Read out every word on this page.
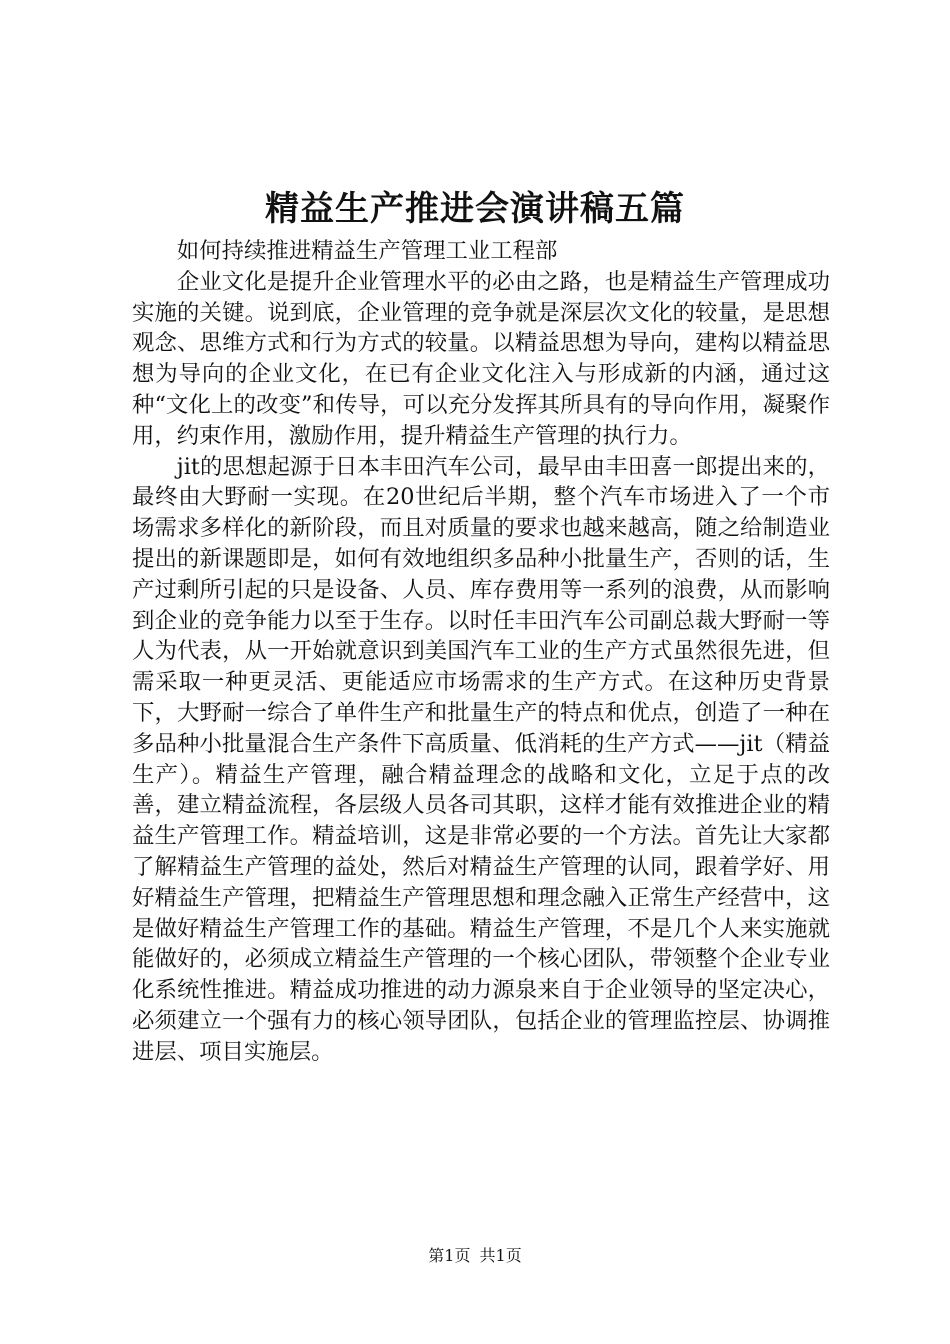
精益生产推进会演讲稿五篇

如何持续推进精益生产管理工业工程部

企业文化是提升企业管理水平的必由之路，也是精益生产管理成功实施的关键。说到底，企业管理的竞争就是深层次文化的较量，是思想观念、思维方式和行为方式的较量。以精益思想为导向，建构以精益思想为导向的企业文化，在已有企业文化注入与形成新的内涵，通过这种“文化上的改变”和传导，可以充分发挥其所具有的导向作用，凝聚作用，约束作用，激励作用，提升精益生产管理的执行力。

jit的思想起源于日本丰田汽车公司，最早由丰田喜一郎提出来的，最终由大野耐一实现。在20世纪后半期，整个汽车市场进入了一个市场需求多样化的新阶段，而且对质量的要求也越来越高，随之给制造业提出的新课题即是，如何有效地组织多品种小批量生产，否则的话，生产过剩所引起的只是设备、人员、库存费用等一系列的浪费，从而影响到企业的竞争能力以至于生存。以时任丰田汽车公司副总裁大野耐一等人为代表，从一开始就意识到美国汽车工业的生产方式虽然很先进，但需采取一种更灵活、更能适应市场需求的生产方式。在这种历史背景下，大野耐一综合了单件生产和批量生产的特点和优点，创造了一种在多品种小批量混合生产条件下高质量、低消耗的生产方式——jit（精益生产）。精益生产管理，融合精益理念的战略和文化，立足于点的改善，建立精益流程，各层级人员各司其职，这样才能有效推进企业的精益生产管理工作。精益培训，这是非常必要的一个方法。首先让大家都了解精益生产管理的益处，然后对精益生产管理的认同，跟着学好、用好精益生产管理，把精益生产管理思想和理念融入正常生产经营中，这是做好精益生产管理工作的基础。精益生产管理，不是几个人来实施就能做好的，必须成立精益生产管理的一个核心团队，带领整个企业专业化系统性推进。精益成功推进的动力源泉来自于企业领导的坚定决心，必须建立一个强有力的核心领导团队，包括企业的管理监控层、协调推进层、项目实施层。

第1页 共1页
